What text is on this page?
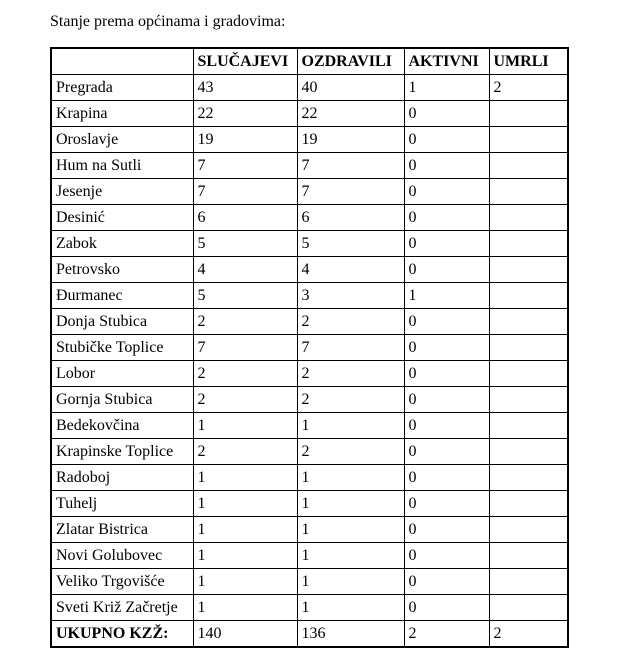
Stanje prema općinama i gradovima:

	SLUČAJEVI	OZDRAVILI	AKTIVNI	UMRLI
Pregrada	43	40	1	2
Krapina	22	22	0	
Oroslavje	19	19	0	
Hum na Sutli	7	7	0	
Jesenje	7	7	0	
Desinić	6	6	0	
Zabok	5	5	0	
Petrovsko	4	4	0	
Đurmanec	5	3	1	
Donja Stubica	2	2	0	
Stubičke Toplice	7	7	0	
Lobor	2	2	0	
Gornja Stubica	2	2	0	
Bedekovčina	1	1	0	
Krapinske Toplice	2	2	0	
Radoboj	1	1	0	
Tuhelj	1	1	0	
Zlatar Bistrica	1	1	0	
Novi Golubovec	1	1	0	
Veliko Trgovišće	1	1	0	
Sveti Križ Začretje	1	1	0	
UKUPNO KZŽ:	140	136	2	2
